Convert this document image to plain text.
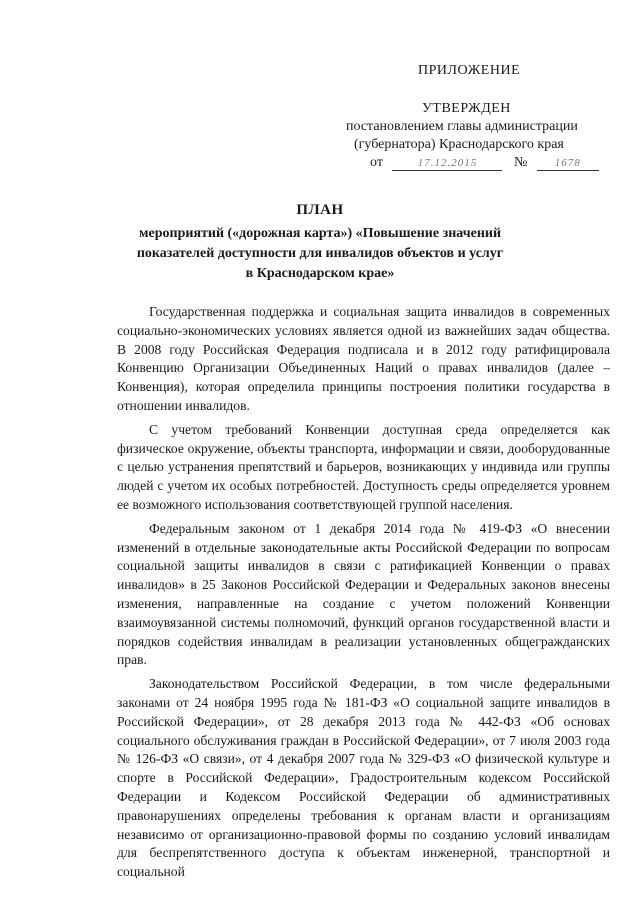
ПРИЛОЖЕНИЕ
УТВЕРЖДЕН
постановлением главы администрации
(губернатора) Краснодарского края
от	17.12.2015	№	1678
ПЛАН
мероприятий («дорожная карта») «Повышение значений
показателей доступности для инвалидов объектов и услуг
в Краснодарском крае»

Государственная поддержка и социальная защита инвалидов в современных социально-экономических условиях является одной из важнейших задач общества. В 2008 году Российская Федерация подписала и в 2012 году ратифицировала Конвенцию Организации Объединенных Наций о правах инвалидов (далее – Конвенция), которая определила принципы построения политики государства в отношении инвалидов.

С учетом требований Конвенции доступная среда определяется как физическое окружение, объекты транспорта, информации и связи, дооборудованные с целью устранения препятствий и барьеров, возникающих у индивида или группы людей с учетом их особых потребностей. Доступность среды определяется уровнем ее возможного использования соответствующей группой населения.

Федеральным законом от 1 декабря 2014 года № 419-ФЗ «О внесении изменений в отдельные законодательные акты Российской Федерации по вопросам социальной защиты инвалидов в связи с ратификацией Конвенции о правах инвалидов» в 25 Законов Российской Федерации и Федеральных законов внесены изменения, направленные на создание с учетом положений Конвенции взаимоувязанной системы полномочий, функций органов государственной власти и порядков содействия инвалидам в реализации установленных общегражданских прав.

Законодательством Российской Федерации, в том числе федеральными законами от 24 ноября 1995 года № 181-ФЗ «О социальной защите инвалидов в Российской Федерации», от 28 декабря 2013 года № 442-ФЗ «Об основах социального обслуживания граждан в Российской Федерации», от 7 июля 2003 года № 126-ФЗ «О связи», от 4 декабря 2007 года № 329-ФЗ «О физической культуре и спорте в Российской Федерации», Градостроительным кодексом Российской Федерации и Кодексом Российской Федерации об административных правонарушениях определены требования к органам власти и организациям независимо от организационно-правовой формы по созданию условий инвалидам для беспрепятственного доступа к объектам инженерной, транспортной и социальной
